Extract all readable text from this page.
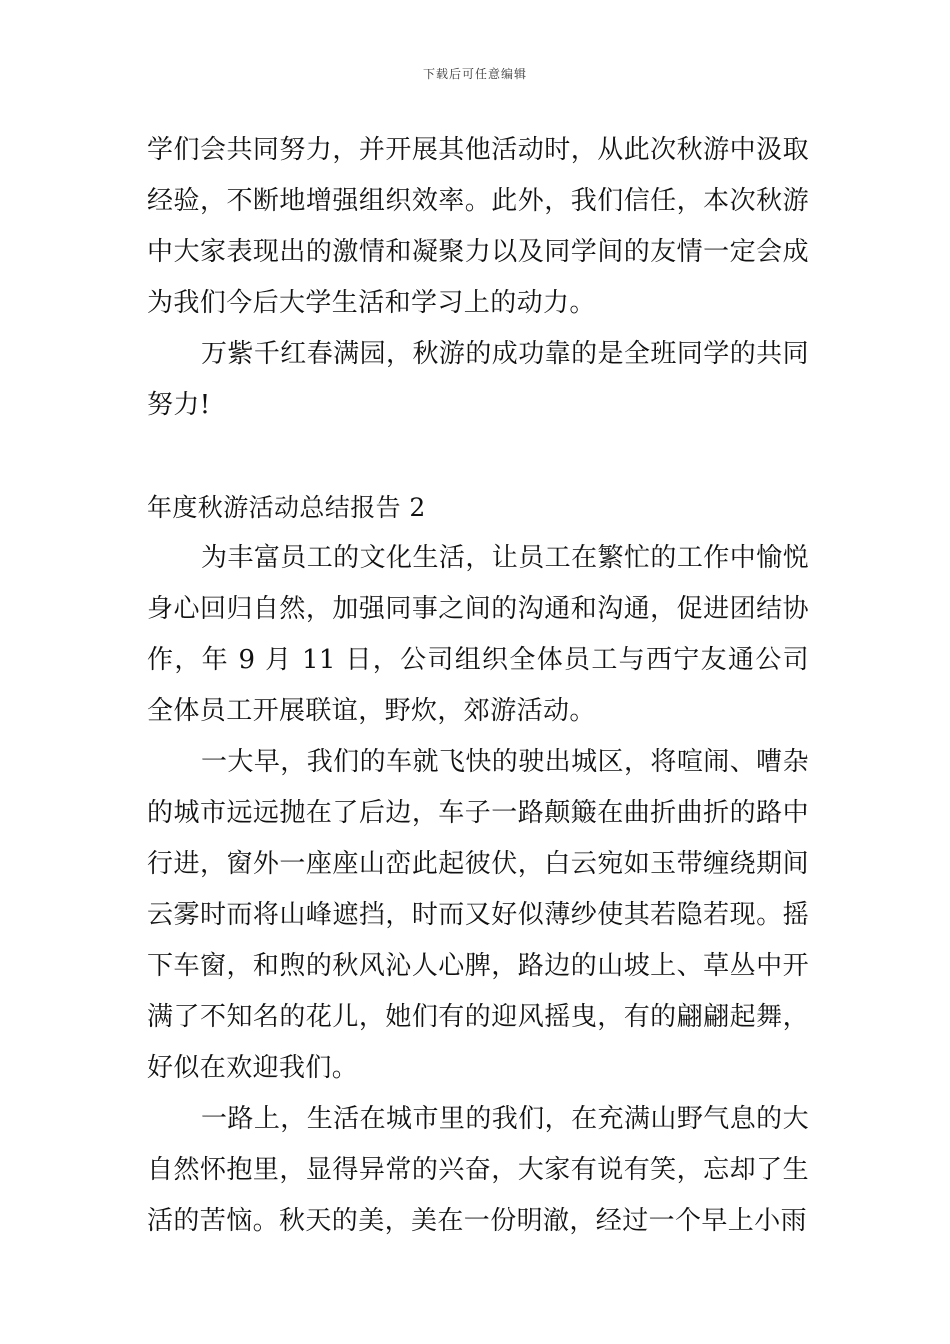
下载后可任意编辑

学们会共同努力，并开展其他活动时，从此次秋游中汲取经验，不断地增强组织效率。此外，我们信任，本次秋游中大家表现出的激情和凝聚力以及同学间的友情一定会成为我们今后大学生活和学习上的动力。

万紫千红春满园，秋游的成功靠的是全班同学的共同努力!

年度秋游活动总结报告 2

为丰富员工的文化生活，让员工在繁忙的工作中愉悦身心回归自然，加强同事之间的沟通和沟通，促进团结协作，年 9 月 11 日，公司组织全体员工与西宁友通公司全体员工开展联谊，野炊，郊游活动。

一大早，我们的车就飞快的驶出城区，将喧闹、嘈杂的城市远远抛在了后边，车子一路颠簸在曲折曲折的路中行进，窗外一座座山峦此起彼伏，白云宛如玉带缠绕期间云雾时而将山峰遮挡，时而又好似薄纱使其若隐若现。摇下车窗，和煦的秋风沁人心脾，路边的山坡上、草丛中开满了不知名的花儿，她们有的迎风摇曳，有的翩翩起舞，好似在欢迎我们。

一路上，生活在城市里的我们，在充满山野气息的大自然怀抱里，显得异常的兴奋，大家有说有笑，忘却了生活的苦恼。秋天的美，美在一份明澈，经过一个早上小雨
